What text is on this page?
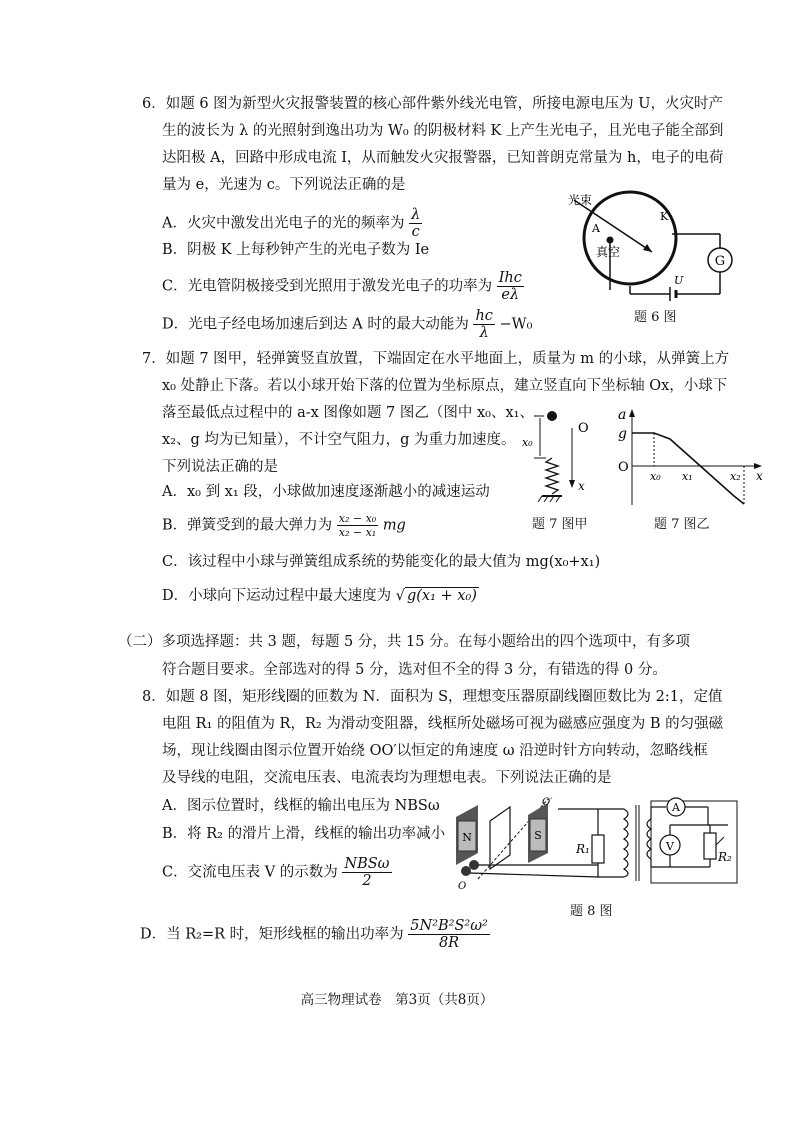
6．如题 6 图为新型火灾报警装置的核心部件紫外线光电管，所接电源电压为 U，火灾时产
生的波长为 λ 的光照射到逸出功为 W₀ 的阴极材料 K 上产生光电子，且光电子能全部到
达阳极 A，回路中形成电流 I，从而触发火灾报警器，已知普朗克常量为 h，电子的电荷
量为 e，光速为 c。下列说法正确的是
A．火灾中激发出光电子的光的频率为 $\frac{\lambda}{c}$
B．阴极 K 上每秒钟产生的光电子数为 Ie
C．光电管阴极接受到光照用于激发光电子的功率为 $\frac{\text{Ihc}}{e\lambda}$
D．光电子经电场加速后到达 A 时的最大动能为 $\frac{hc}{\lambda} -W_0$
G
光束
A
K
真空
U
题 6 图
7．如题 7 图甲，轻弹簧竖直放置，下端固定在水平地面上，质量为 m 的小球，从弹簧上方
x₀ 处静止下落。若以小球开始下落的位置为坐标原点，建立竖直向下坐标轴 Ox，小球下
落至最低点过程中的 a-x 图像如题 7 图乙（图中 x₀、x₁、
x₂、g 均为已知量），不计空气阻力，g 为重力加速度。
下列说法正确的是
A．x₀ 到 x₁ 段，小球做加速度逐渐越小的减速运动
B．弹簧受到的最大弹力为 $\frac{\text{x₂ − x₀}}{\text{x₂ − x₁}}$ mg
C．该过程中小球与弹簧组成系统的势能变化的最大值为 mg(x₀+x₁)
D．小球向下运动过程中最大速度为 √ g(x₁ + x₀)
x₀
O
x
题 7 图甲
a
g
O
x₀ x₁	x₂ x
题 7 图乙
（二）多项选择题：共 3 题，每题 5 分，共 15 分。在每小题给出的四个选项中，有多项
符合题目要求。全部选对的得 5 分，选对但不全的得 3 分，有错选的得 0 分。
8．如题 8 图，矩形线圈的匝数为 N．面积为 S，理想变压器原副线圈匝数比为 2:1，定值
电阻 R₁ 的阻值为 R，R₂ 为滑动变阻器，线框所处磁场可视为磁感应强度为 B 的匀强磁
场，现让线圈由图示位置开始绕 OO′以恒定的角速度 ω 沿逆时针方向转动，忽略线框
及导线的电阻，交流电压表、电流表均为理想电表。下列说法正确的是
A．图示位置时，线框的输出电压为 NBSω
B．将 R₂ 的滑片上滑，线框的输出功率减小
C．交流电压表 V 的示数为 $\frac{\text{NBSω}}{2}$
D．当 R₂=R 时，矩形线框的输出功率为 $\frac{\text{5N²B²S²ω²}}{8R}$
N	S
O′
O
R₁
A
V
R₂
题 8 图
高三物理试卷　第3页（共8页）
